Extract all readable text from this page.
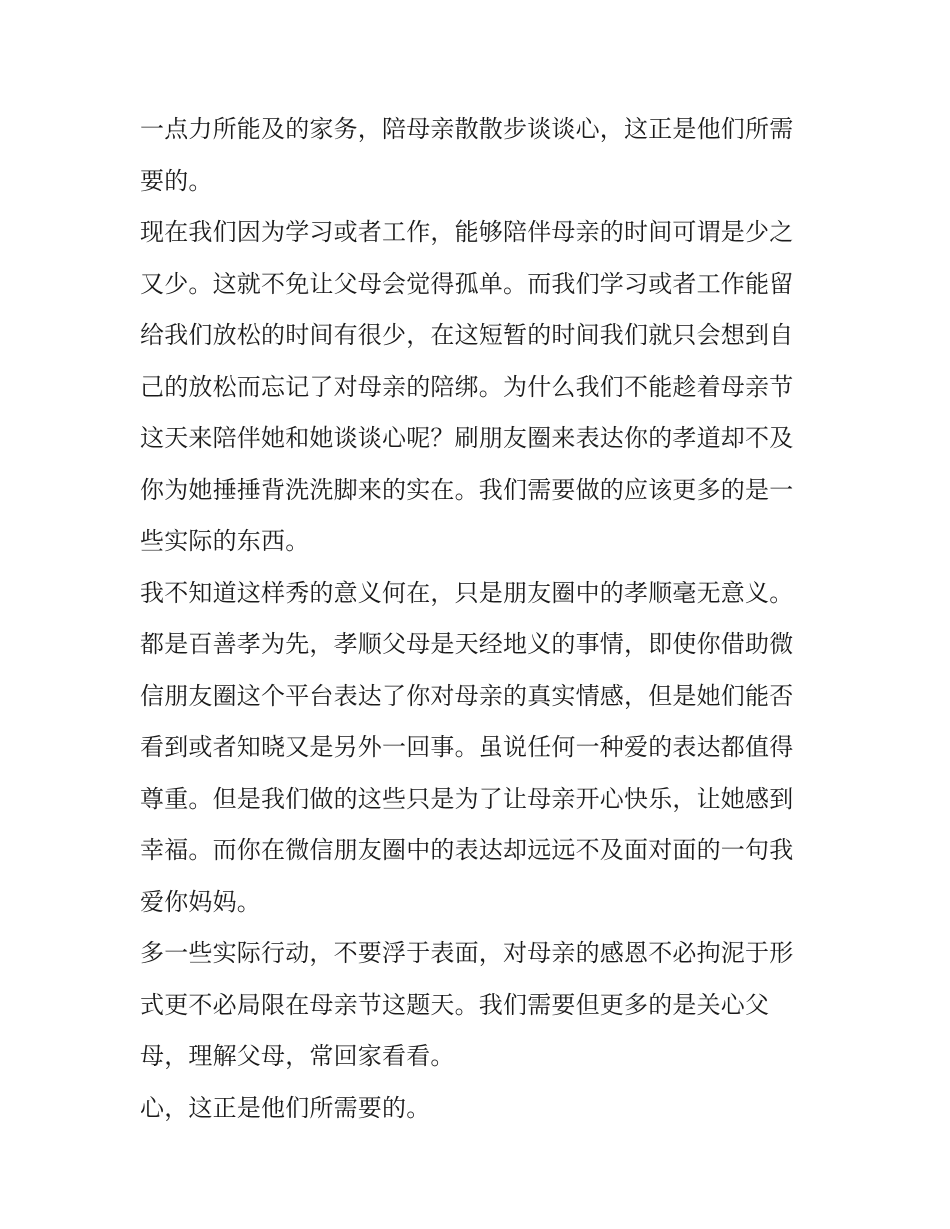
一点力所能及的家务，陪母亲散散步谈谈心，这正是他们所需
要的。
现在我们因为学习或者工作，能够陪伴母亲的时间可谓是少之
又少。这就不免让父母会觉得孤单。而我们学习或者工作能留
给我们放松的时间有很少，在这短暂的时间我们就只会想到自
己的放松而忘记了对母亲的陪绑。为什么我们不能趁着母亲节
这天来陪伴她和她谈谈心呢？刷朋友圈来表达你的孝道却不及
你为她捶捶背洗洗脚来的实在。我们需要做的应该更多的是一
些实际的东西。
我不知道这样秀的意义何在，只是朋友圈中的孝顺毫无意义。
都是百善孝为先，孝顺父母是天经地义的事情，即使你借助微
信朋友圈这个平台表达了你对母亲的真实情感，但是她们能否
看到或者知晓又是另外一回事。虽说任何一种爱的表达都值得
尊重。但是我们做的这些只是为了让母亲开心快乐，让她感到
幸福。而你在微信朋友圈中的表达却远远不及面对面的一句我
爱你妈妈。
多一些实际行动，不要浮于表面，对母亲的感恩不必拘泥于形
式更不必局限在母亲节这题天。我们需要但更多的是关心父
母，理解父母，常回家看看。
心，这正是他们所需要的。
